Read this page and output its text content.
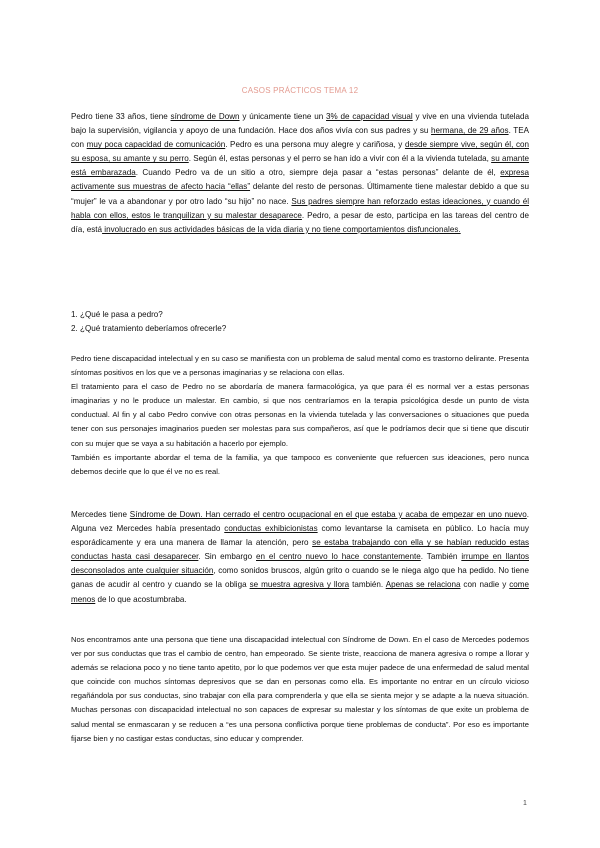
CASOS PRÁCTICOS TEMA 12

Pedro tiene 33 años, tiene síndrome de Down y únicamente tiene un 3% de capacidad visual y vive en una vivienda tutelada bajo la supervisión, vigilancia y apoyo de una fundación. Hace dos años vivía con sus padres y su hermana, de 29 años. TEA con muy poca capacidad de comunicación. Pedro es una persona muy alegre y cariñosa, y desde siempre vive, según él, con su esposa, su amante y su perro. Según él, estas personas y el perro se han ido a vivir con él a la vivienda tutelada, su amante está embarazada. Cuando Pedro va de un sitio a otro, siempre deja pasar a “estas personas” delante de él, expresa activamente sus muestras de afecto hacia “ellas” delante del resto de personas. Últimamente tiene malestar debido a que su “mujer” le va a abandonar y por otro lado “su hijo” no nace. Sus padres siempre han reforzado estas ideaciones, y cuando él habla con ellos, estos le tranquilizan y su malestar desaparece. Pedro, a pesar de esto, participa en las tareas del centro de día, está involucrado en sus actividades básicas de la vida diaria y no tiene comportamientos disfuncionales.

1. ¿Qué le pasa a pedro?

2. ¿Qué tratamiento deberíamos ofrecerle?

Pedro tiene discapacidad intelectual y en su caso se manifiesta con un problema de salud mental como es trastorno delirante. Presenta síntomas positivos en los que ve a personas imaginarias y se relaciona con ellas.

El tratamiento para el caso de Pedro no se abordaría de manera farmacológica, ya que para él es normal ver a estas personas imaginarias y no le produce un malestar. En cambio, si que nos centraríamos en la terapia psicológica desde un punto de vista conductual. Al fin y al cabo Pedro convive con otras personas en la vivienda tutelada y las conversaciones o situaciones que pueda tener con sus personajes imaginarios pueden ser molestas para sus compañeros, así que le podríamos decir que si tiene que discutir con su mujer que se vaya a su habitación a hacerlo por ejemplo.

También es importante abordar el tema de la familia, ya que tampoco es conveniente que refuercen sus ideaciones, pero nunca debemos decirle que lo que él ve no es real.

Mercedes tiene Síndrome de Down. Han cerrado el centro ocupacional en el que estaba y acaba de empezar en uno nuevo. Alguna vez Mercedes había presentado conductas exhibicionistas como levantarse la camiseta en público. Lo hacía muy esporádicamente y era una manera de llamar la atención, pero se estaba trabajando con ella y se habían reducido estas conductas hasta casi desaparecer. Sin embargo en el centro nuevo lo hace constantemente. También irrumpe en llantos desconsolados ante cualquier situación, como sonidos bruscos, algún grito o cuando se le niega algo que ha pedido. No tiene ganas de acudir al centro y cuando se la obliga se muestra agresiva y llora también. Apenas se relaciona con nadie y come menos de lo que acostumbraba.

Nos encontramos ante una persona que tiene una discapacidad intelectual con Síndrome de Down. En el caso de Mercedes podemos ver por sus conductas que tras el cambio de centro, han empeorado. Se siente triste, reacciona de manera agresiva o rompe a llorar y además se relaciona poco y no tiene tanto apetito, por lo que podemos ver que esta mujer padece de una enfermedad de salud mental que coincide con muchos síntomas depresivos que se dan en personas como ella. Es importante no entrar en un círculo vicioso regañándola por sus conductas, sino trabajar con ella para comprenderla y que ella se sienta mejor y se adapte a la nueva situación. Muchas personas con discapacidad intelectual no son capaces de expresar su malestar y los síntomas de que exite un problema de salud mental se enmascaran y se reducen a “es una persona conflictiva porque tiene problemas de conducta”. Por eso es importante fijarse bien y no castigar estas conductas, sino educar y comprender.

1
